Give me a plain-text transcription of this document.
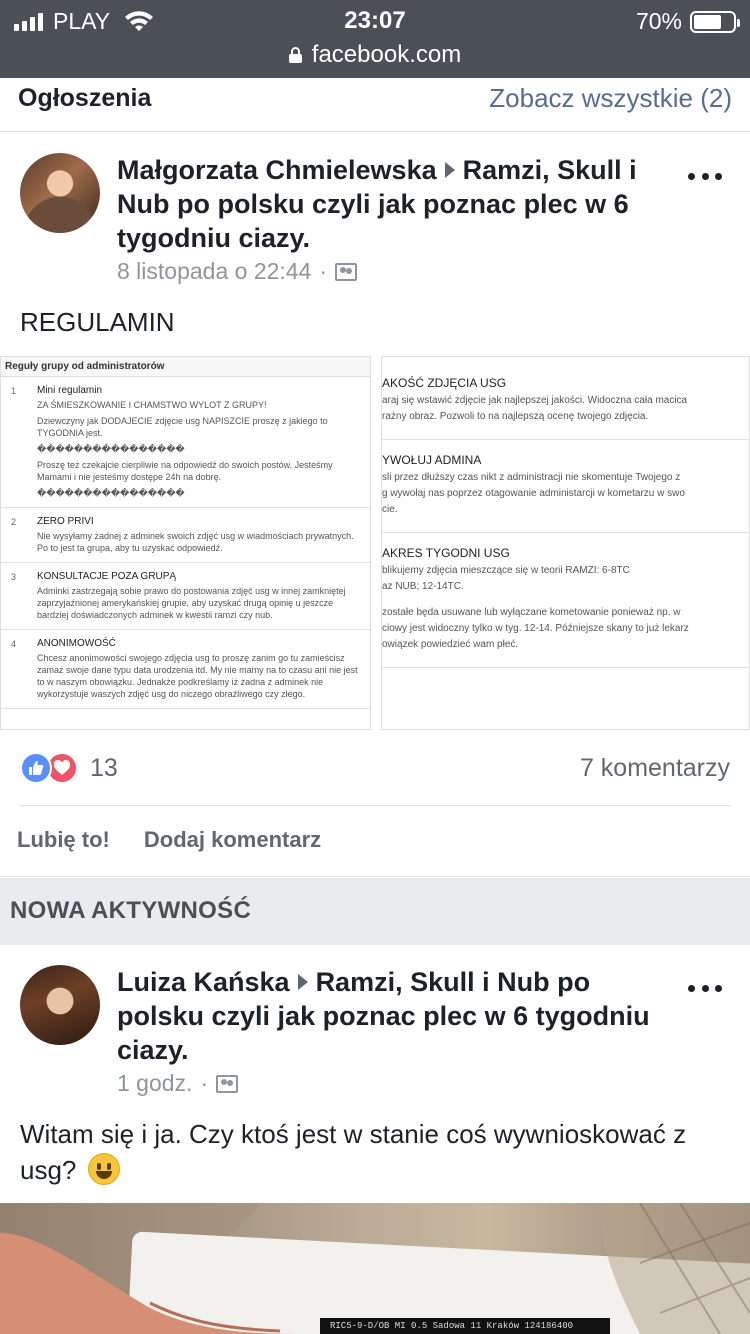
PLAY	23:07	70%
facebook.com
Ogłoszenia	Zobacz wszystkie (2)
Małgorzata Chmielewska Ramzi, Skull i Nub po polsku czyli jak poznac plec w 6 tygodniu ciazy.
8 listopada o 22:44 ·
REGULAMIN
Reguły grupy od administratorów
1 Mini regulamin
ZA ŚMIESZKOWANIE I CHAMSTWO WYLOT Z GRUPY!
Dziewczyny jak DODAJECIE zdjęcie usg NAPISZCIE proszę z jakiego to TYGODNIA jest.
����������������
Proszę też czekajcie cierpliwie na odpowiedź do swoich postów. Jesteśmy Mamami i nie jesteśmy dostępe 24h na dobrę.
����������������
2 ZERO PRIVI
Nie wysyłamy żadnej z adminek swoich zdjęć usg w wiadmościach prywatnych. Po to jest ta grupa, aby tu uzyskać odpowiedź.
3 KONSULTACJE POZA GRUPĄ
Adminki zastrzegają sobie prawo do postowania zdjęć usg w innej zamkniętej zaprzyjaźnionej amerykańskiej grupie, aby uzyskać drugą opinię u jeszcze bardziej doświadczonych adminek w kwestii ramzi czy nub.
4 ANONIMOWOŚĆ
Chcesz anonimowości swojego zdjęcia usg to proszę zanim go tu zamieścisz zamaż swoje dane typu data urodzenia itd. My nie mamy na to czasu ani nie jest to w naszym obowiązku. Jednakże podkreślamy iż żadna z adminek nie wykorzystuje waszych zdjęć usg do niczego obraźliwego czy złego.
AKOŚĆ ZDJĘCIA USG
araj się wstawić zdjęcie jak najlepszej jakości. Widoczna cała macica
rażny obraz. Pozwoli to na najlepszą ocenę twojego zdjęcia.
YWOŁUJ ADMINA
sli przez dłuższy czas nikt z administracji nie skomentuje Twojego z
g wywołaj nas poprzez otagowanie administarcji w kometarzu w swo
cie.
AKRES TYGODNI USG
blikujemy zdjęcia mieszczące się w teorii RAMZI: 6-8TC
az NUB; 12-14TC.
zostałe będa usuwane lub wyłączane kometowanie ponieważ np. w
ciowy jest widoczny tylko w tyg. 12-14. Późniejsze skany to już lekarz
owiązek powiedzieć wam płeć.
13	7 komentarzy
Lubię to! Dodaj komentarz
NOWA AKTYWNOŚĆ
Luiza Kańska Ramzi, Skull i Nub po polsku czyli jak poznac plec w 6 tygodniu ciazy.
1 godz. ·
Witam się i ja. Czy ktoś jest w stanie coś wywnioskować z usg?
RIC5-9-D/OB MI 0.5 Sadowa 11 Kraków 124186400
